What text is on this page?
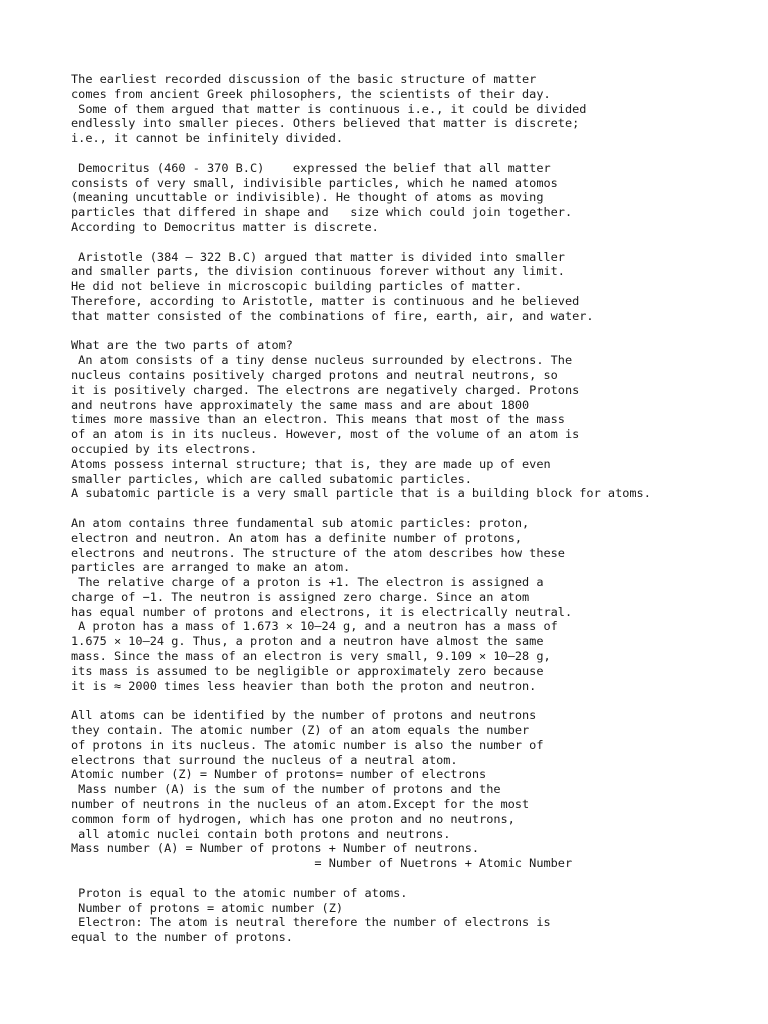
The earliest recorded discussion of the basic structure of matter
comes from ancient Greek philosophers, the scientists of their day.
Some of them argued that matter is continuous i.e., it could be divided
endlessly into smaller pieces. Others believed that matter is discrete;
i.e., it cannot be infinitely divided.
Democritus (460 - 370 B.C)    expressed the belief that all matter
consists of very small, indivisible particles, which he named atomos
(meaning uncuttable or indivisible). He thought of atoms as moving
particles that differed in shape and   size which could join together.
According to Democritus matter is discrete.
Aristotle (384 – 322 B.C) argued that matter is divided into smaller
and smaller parts, the division continuous forever without any limit.
He did not believe in microscopic building particles of matter.
Therefore, according to Aristotle, matter is continuous and he believed
that matter consisted of the combinations of fire, earth, air, and water.
What are the two parts of atom?
An atom consists of a tiny dense nucleus surrounded by electrons. The
nucleus contains positively charged protons and neutral neutrons, so
it is positively charged. The electrons are negatively charged. Protons
and neutrons have approximately the same mass and are about 1800
times more massive than an electron. This means that most of the mass
of an atom is in its nucleus. However, most of the volume of an atom is
occupied by its electrons.
Atoms possess internal structure; that is, they are made up of even
smaller particles, which are called subatomic particles.
A subatomic particle is a very small particle that is a building block for atoms.
An atom contains three fundamental sub atomic particles: proton,
electron and neutron. An atom has a definite number of protons,
electrons and neutrons. The structure of the atom describes how these
particles are arranged to make an atom.
The relative charge of a proton is +1. The electron is assigned a
charge of −1. The neutron is assigned zero charge. Since an atom
has equal number of protons and electrons, it is electrically neutral.
A proton has a mass of 1.673 × 10–24 g, and a neutron has a mass of
1.675 × 10–24 g. Thus, a proton and a neutron have almost the same
mass. Since the mass of an electron is very small, 9.109 × 10–28 g,
its mass is assumed to be negligible or approximately zero because
it is ≈ 2000 times less heavier than both the proton and neutron.
All atoms can be identified by the number of protons and neutrons
they contain. The atomic number (Z) of an atom equals the number
of protons in its nucleus. The atomic number is also the number of
electrons that surround the nucleus of a neutral atom.
Atomic number (Z) = Number of protons= number of electrons
Mass number (A) is the sum of the number of protons and the
number of neutrons in the nucleus of an atom.Except for the most
common form of hydrogen, which has one proton and no neutrons,
all atomic nuclei contain both protons and neutrons.
Mass number (A) = Number of protons + Number of neutrons.
= Number of Nuetrons + Atomic Number
Proton is equal to the atomic number of atoms.
Number of protons = atomic number (Z)
Electron: The atom is neutral therefore the number of electrons is
equal to the number of protons.
